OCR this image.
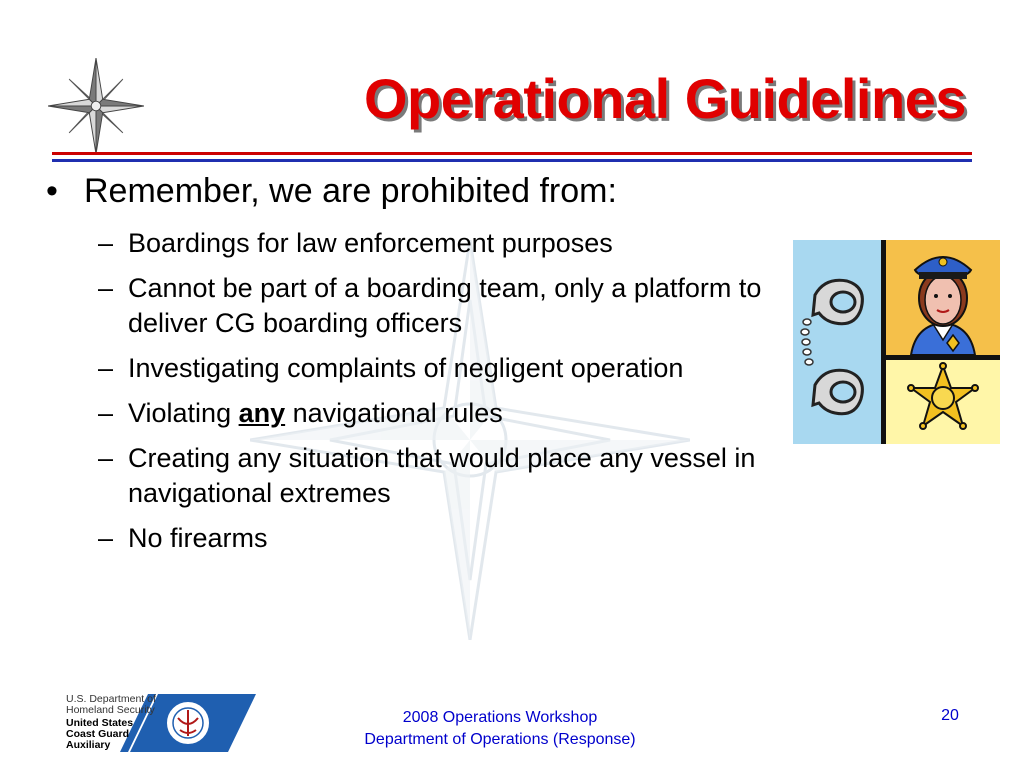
Operational Guidelines
• Remember, we are prohibited from:
– Boardings for law enforcement purposes
– Cannot be part of a boarding team, only a platform to deliver CG boarding officers
– Investigating complaints of negligent operation
– Violating any navigational rules
– Creating any situation that would place any vessel in navigational extremes
– No firearms
U.S. Department of
Homeland Security
United States
Coast Guard
Auxiliary
2008 Operations Workshop
Department of Operations (Response)
20
